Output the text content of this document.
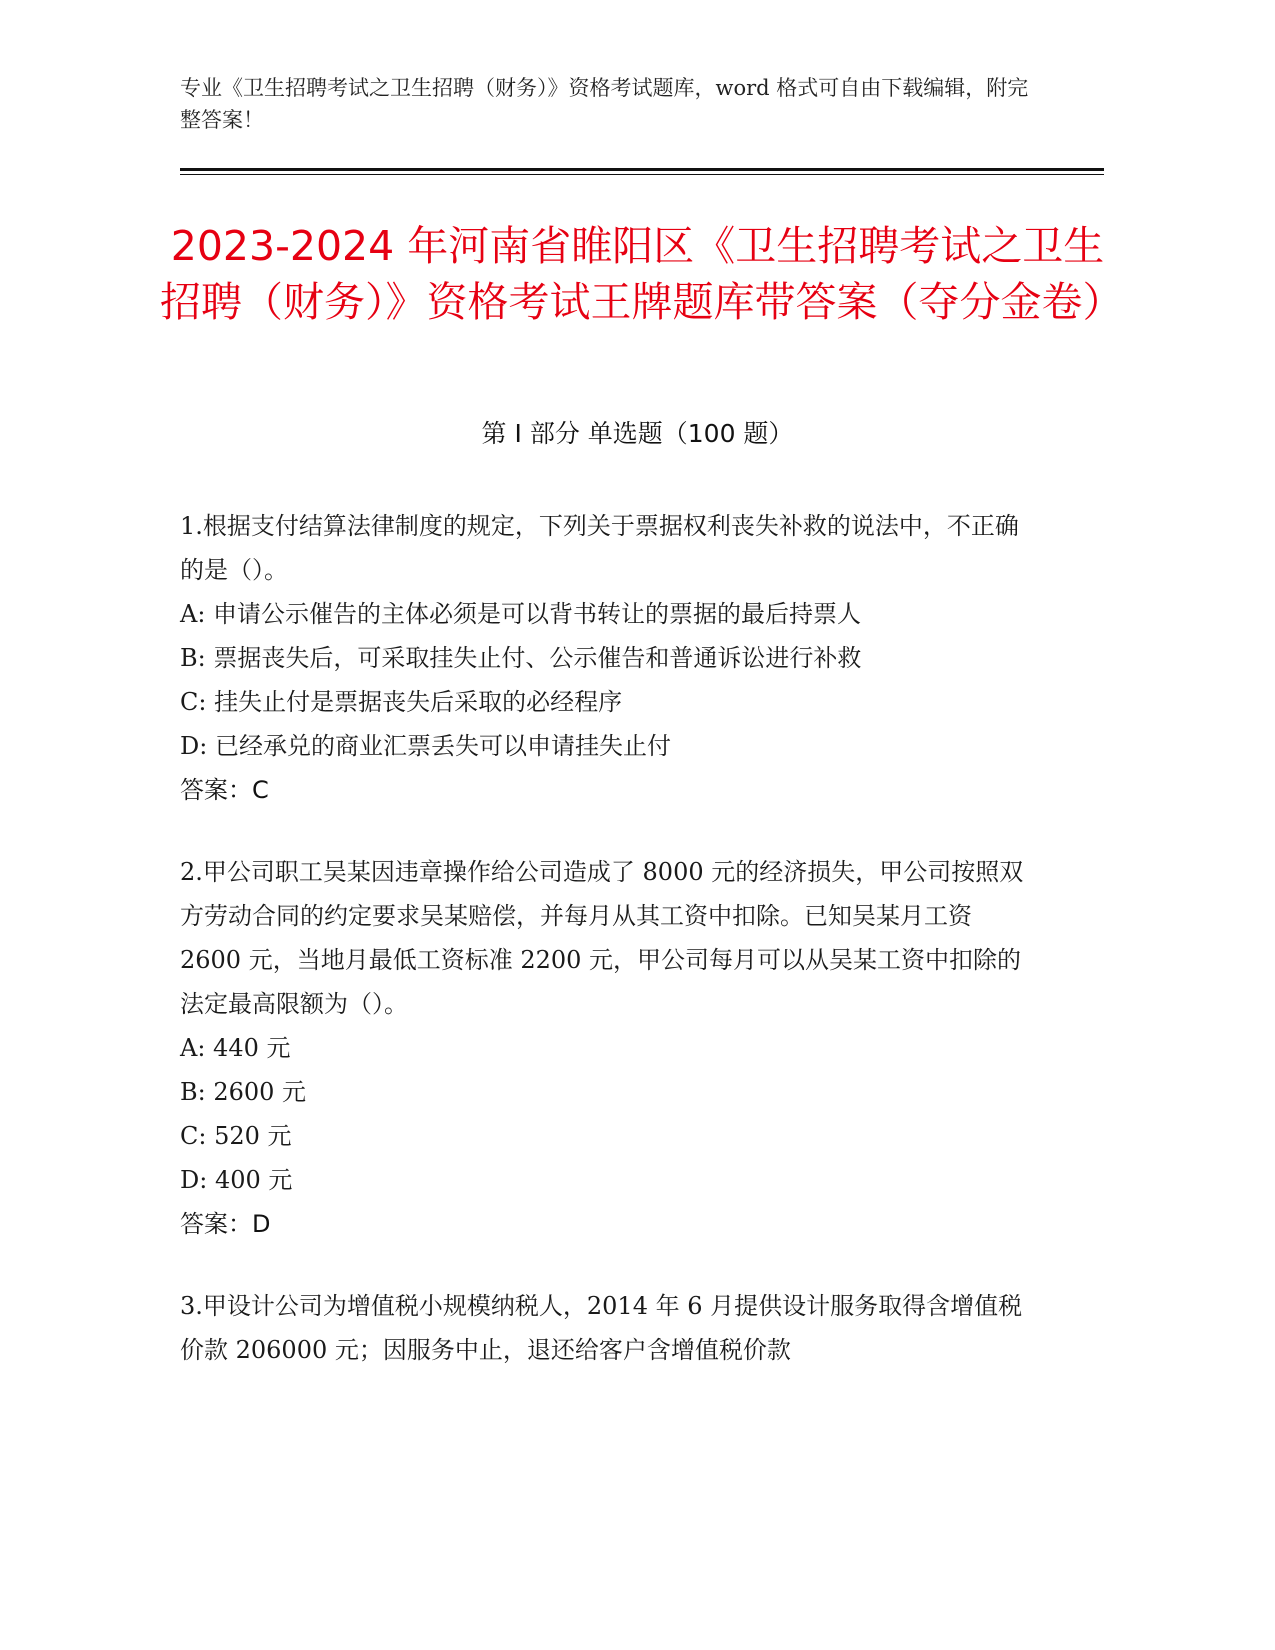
专业《卫生招聘考试之卫生招聘（财务）》资格考试题库，word 格式可自由下载编辑，附完整答案！
2023-2024 年河南省睢阳区《卫生招聘考试之卫生招聘（财务）》资格考试王牌题库带答案（夺分金卷）
第 I 部分 单选题（100 题）

1.根据支付结算法律制度的规定，下列关于票据权利丧失补救的说法中，不正确的是（）。

A: 申请公示催告的主体必须是可以背书转让的票据的最后持票人

B: 票据丧失后，可采取挂失止付、公示催告和普通诉讼进行补救

C: 挂失止付是票据丧失后采取的必经程序

D: 已经承兑的商业汇票丢失可以申请挂失止付

答案：C

2.甲公司职工吴某因违章操作给公司造成了 8000 元的经济损失，甲公司按照双方劳动合同的约定要求吴某赔偿，并每月从其工资中扣除。已知吴某月工资 2600 元，当地月最低工资标准 2200 元，甲公司每月可以从吴某工资中扣除的法定最高限额为（）。

A: 440 元

B: 2600 元

C: 520 元

D: 400 元

答案：D

3.甲设计公司为增值税小规模纳税人，2014 年 6 月提供设计服务取得含增值税价款 206000 元；因服务中止，退还给客户含增值税价款
